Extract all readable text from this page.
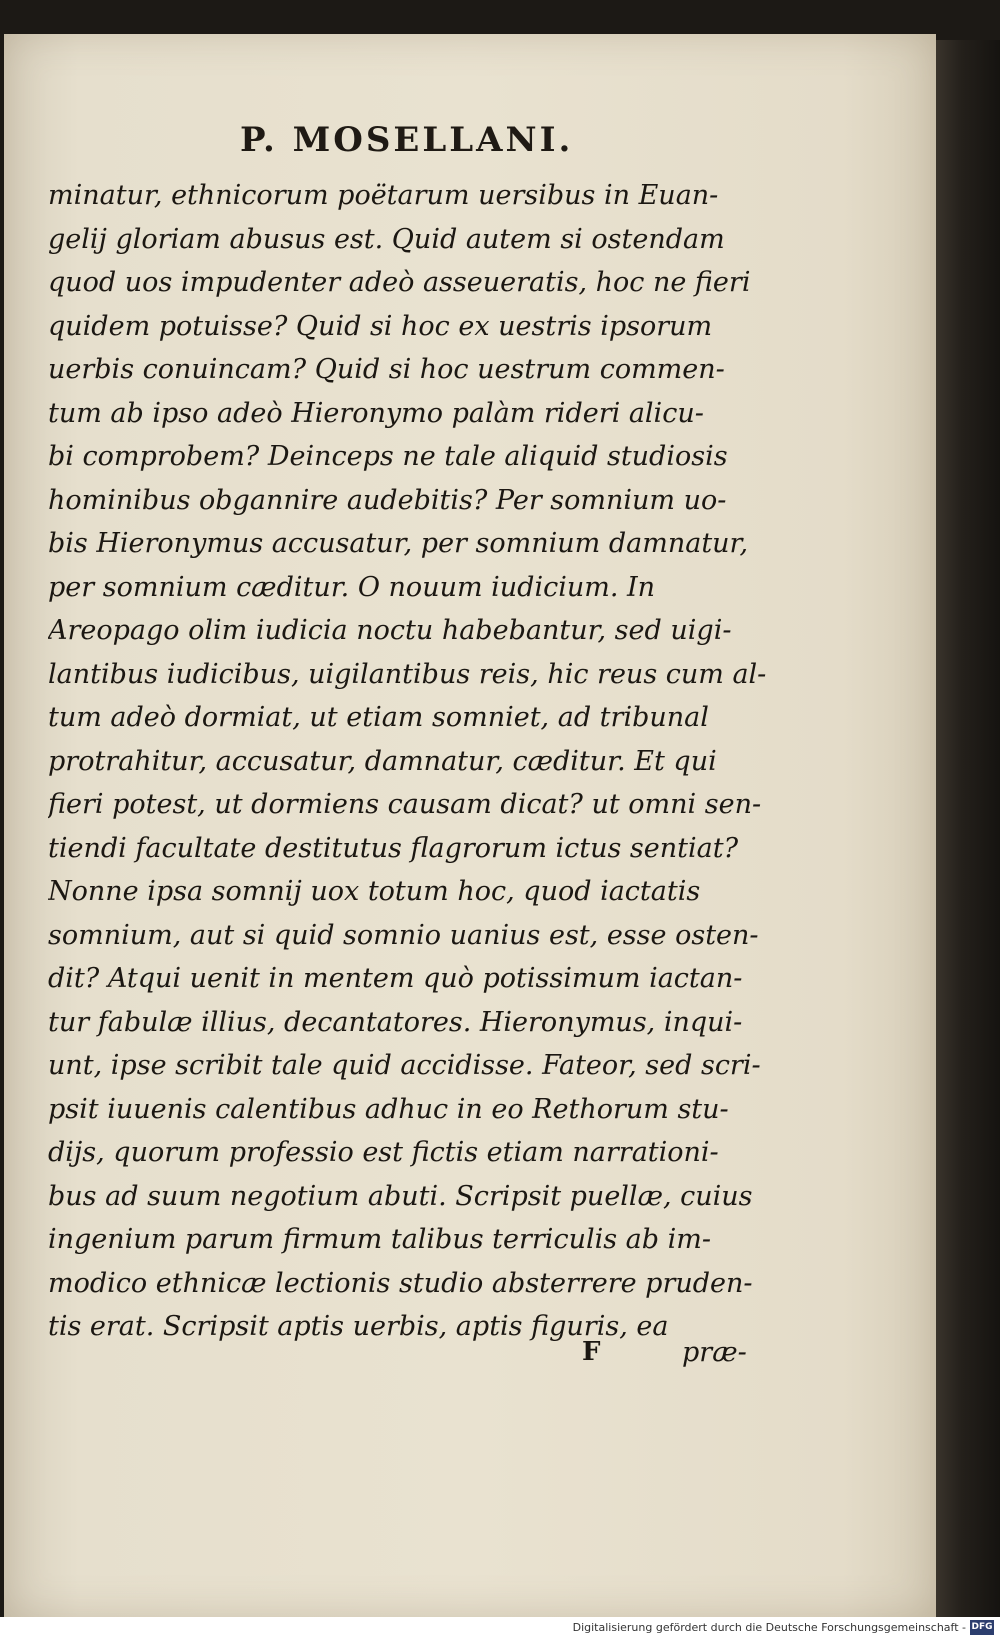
P. MOSELLANI.
minatur, ethnicorum poëtarum uersibus in Euan-
gelij gloriam abusus est. Quid autem si ostendam
quod uos impudenter adeò asseueratis, hoc ne fieri
quidem potuisse? Quid si hoc ex uestris ipsorum
uerbis conuincam? Quid si hoc uestrum commen-
tum ab ipso adeò Hieronymo palàm rideri alicu-
bi comprobem? Deinceps ne tale aliquid studiosis
hominibus obgannire audebitis? Per somnium uo-
bis Hieronymus accusatur, per somnium damnatur,
per somnium cæditur. O nouum iudicium. In
Areopago olim iudicia noctu habebantur, sed uigi-
lantibus iudicibus, uigilantibus reis, hic reus cum al-
tum adeò dormiat, ut etiam somniet, ad tribunal
protrahitur, accusatur, damnatur, cæditur. Et qui
fieri potest, ut dormiens causam dicat? ut omni sen-
tiendi facultate destitutus flagrorum ictus sentiat?
Nonne ipsa somnij uox totum hoc, quod iactatis
somnium, aut si quid somnio uanius est, esse osten-
dit? Atqui uenit in mentem quò potissimum iactan-
tur fabulæ illius, decantatores. Hieronymus, inqui-
unt, ipse scribit tale quid accidisse. Fateor, sed scri-
psit iuuenis calentibus adhuc in eo Rethorum stu-
dijs, quorum professio est fictis etiam narrationi-
bus ad suum negotium abuti. Scripsit puellæ, cuius
ingenium parum firmum talibus terriculis ab im-
modico ethnicæ lectionis studio absterrere pruden-
tis erat. Scripsit aptis uerbis, aptis figuris, ea
F	præ-
Digitalisierung gefördert durch die Deutsche Forschungsgemeinschaft - DFG
